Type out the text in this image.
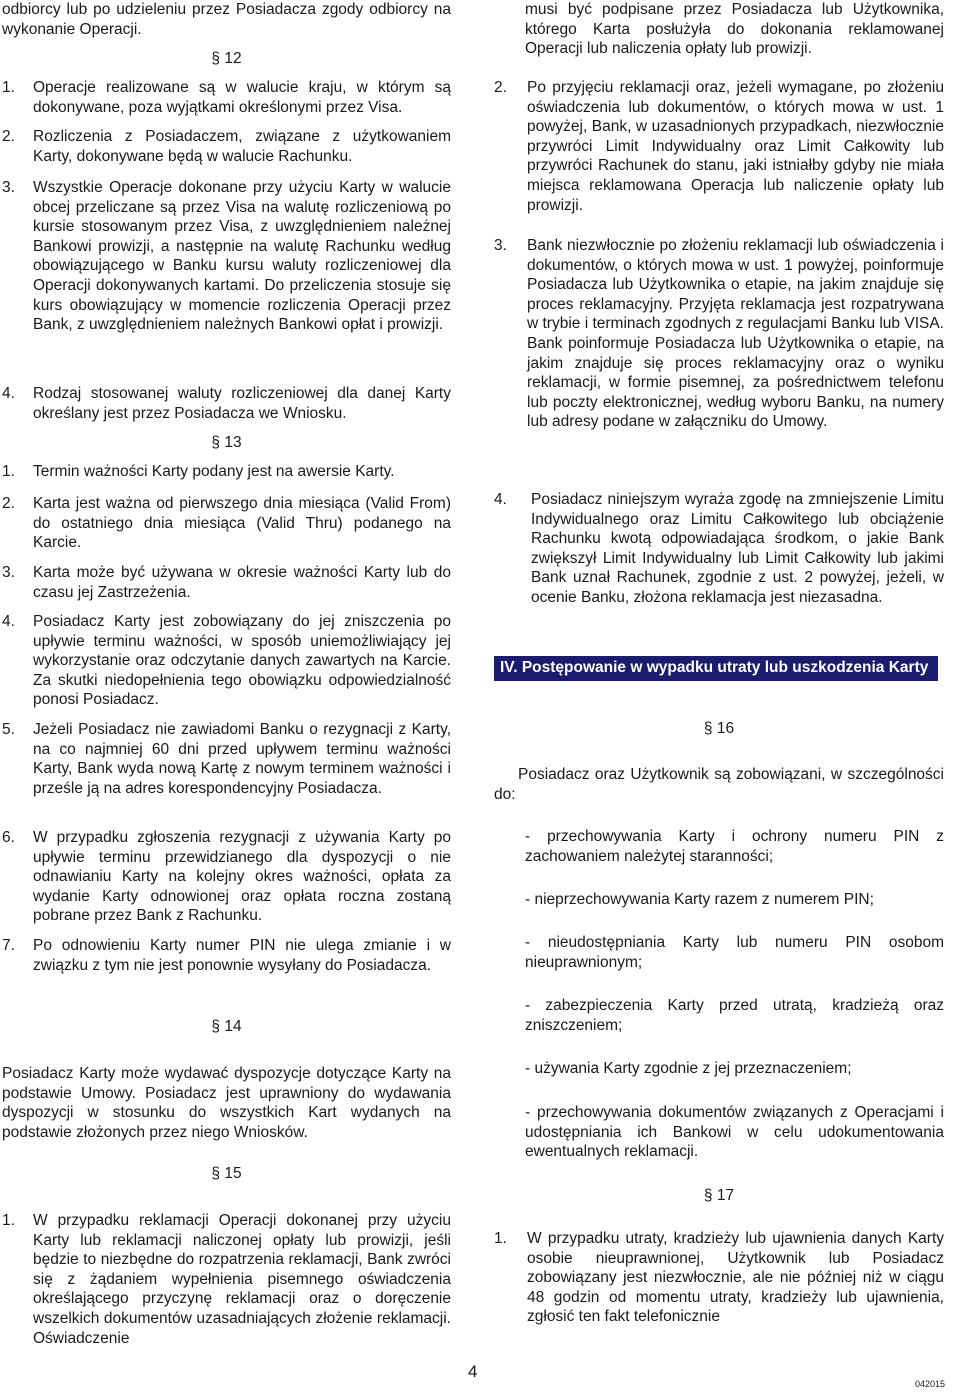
odbiorcy lub po udzieleniu przez Posiadacza zgody odbiorcy na wykonanie Operacji.
§ 12
1.	Operacje realizowane są w walucie kraju, w którym są dokonywane, poza wyjątkami określonymi przez Visa.
2.	Rozliczenia z Posiadaczem, związane z użytkowaniem Karty, dokonywane będą w walucie Rachunku.
3.	Wszystkie Operacje dokonane przy użyciu Karty w walucie obcej przeliczane są przez Visa na walutę rozliczeniową po kursie stosowanym przez Visa, z uwzględnieniem należnej Bankowi prowizji, a następnie na walutę Rachunku według obowiązującego w Banku kursu waluty rozliczeniowej dla Operacji dokonywanych kartami. Do przeliczenia stosuje się kurs obowiązujący w momencie rozliczenia Operacji przez Bank, z uwzględnieniem należnych Bankowi opłat i prowizji.
4.	Rodzaj stosowanej waluty rozliczeniowej dla danej Karty określany jest przez Posiadacza we Wniosku.
§ 13
1.	Termin ważności Karty podany jest na awersie Karty.
2.	Karta jest ważna od pierwszego dnia miesiąca (Valid From) do ostatniego dnia miesiąca (Valid Thru) podanego na Karcie.
3.	Karta może być używana w okresie ważności Karty lub do czasu jej Zastrzeżenia.
4.	Posiadacz Karty jest zobowiązany do jej zniszczenia po upływie terminu ważności, w sposób uniemożliwiający jej wykorzystanie oraz odczytanie danych zawartych na Karcie. Za skutki niedopełnienia tego obowiązku odpowiedzialność ponosi Posiadacz.
5.	Jeżeli Posiadacz nie zawiadomi Banku o rezygnacji z Karty, na co najmniej 60 dni przed upływem terminu ważności Karty, Bank wyda nową Kartę z nowym terminem ważności i prześle ją na adres korespondencyjny Posiadacza.
6.	W przypadku zgłoszenia rezygnacji z używania Karty po upływie terminu przewidzianego dla dyspozycji o nie odnawianiu Karty na kolejny okres ważności, opłata za wydanie Karty odnowionej oraz opłata roczna zostaną pobrane przez Bank z Rachunku.
7.	Po odnowieniu Karty numer PIN nie ulega zmianie i w związku z tym nie jest ponownie wysyłany do Posiadacza.
§ 14
Posiadacz Karty może wydawać dyspozycje dotyczące Karty na podstawie Umowy. Posiadacz jest uprawniony do wydawania dyspozycji w stosunku do wszystkich Kart wydanych na podstawie złożonych przez niego Wniosków.
§ 15
1.	W przypadku reklamacji Operacji dokonanej przy użyciu Karty lub reklamacji naliczonej opłaty lub prowizji, jeśli będzie to niezbędne do rozpatrzenia reklamacji, Bank zwróci się z żądaniem wypełnienia pisemnego oświadczenia określającego przyczynę reklamacji oraz o doręczenie wszelkich dokumentów uzasadniających złożenie reklamacji. Oświadczenie
musi być podpisane przez Posiadacza lub Użytkownika, którego Karta posłużyła do dokonania reklamowanej Operacji lub naliczenia opłaty lub prowizji.
2.	Po przyjęciu reklamacji oraz, jeżeli wymagane, po złożeniu oświadczenia lub dokumentów, o których mowa w ust. 1 powyżej, Bank, w uzasadnionych przypadkach, niezwłocznie przywróci Limit Indywidualny oraz Limit Całkowity lub przywróci Rachunek do stanu, jaki istniałby gdyby nie miała miejsca reklamowana Operacja lub naliczenie opłaty lub prowizji.
3.	Bank niezwłocznie po złożeniu reklamacji lub oświadczenia i dokumentów, o których mowa w ust. 1 powyżej, poinformuje Posiadacza lub Użytkownika o etapie, na jakim znajduje się proces reklamacyjny. Przyjęta reklamacja jest rozpatrywana w trybie i terminach zgodnych z regulacjami Banku lub VISA. Bank poinformuje Posiadacza lub Użytkownika o etapie, na jakim znajduje się proces reklamacyjny oraz o wyniku reklamacji, w formie pisemnej, za pośrednictwem telefonu lub poczty elektronicznej, według wyboru Banku, na numery lub adresy podane w załączniku do Umowy.
4.	Posiadacz niniejszym wyraża zgodę na zmniejszenie Limitu Indywidualnego oraz Limitu Całkowitego lub obciążenie Rachunku kwotą odpowiadająca środkom, o jakie Bank zwiększył Limit Indywidualny lub Limit Całkowity lub jakimi Bank uznał Rachunek, zgodnie z ust. 2 powyżej, jeżeli, w ocenie Banku, złożona reklamacja jest niezasadna.
IV. Postępowanie w wypadku utraty lub uszkodzenia Karty
§ 16
Posiadacz oraz Użytkownik są zobowiązani, w szczególności do:
- przechowywania Karty i ochrony numeru PIN z zachowaniem należytej staranności;
- nieprzechowywania Karty razem z numerem PIN;
- nieudostępniania Karty lub numeru PIN osobom nieuprawnionym;
- zabezpieczenia Karty przed utratą, kradzieżą oraz zniszczeniem;
- używania Karty zgodnie z jej przeznaczeniem;
- przechowywania dokumentów związanych z Operacjami i udostępniania ich Bankowi w celu udokumentowania ewentualnych reklamacji.
§ 17
1.	W przypadku utraty, kradzieży lub ujawnienia danych Karty osobie nieuprawnionej, Użytkownik lub Posiadacz zobowiązany jest niezwłocznie, ale nie później niż w ciągu 48 godzin od momentu utraty, kradzieży lub ujawnienia, zgłosić ten fakt telefonicznie
4
042015
